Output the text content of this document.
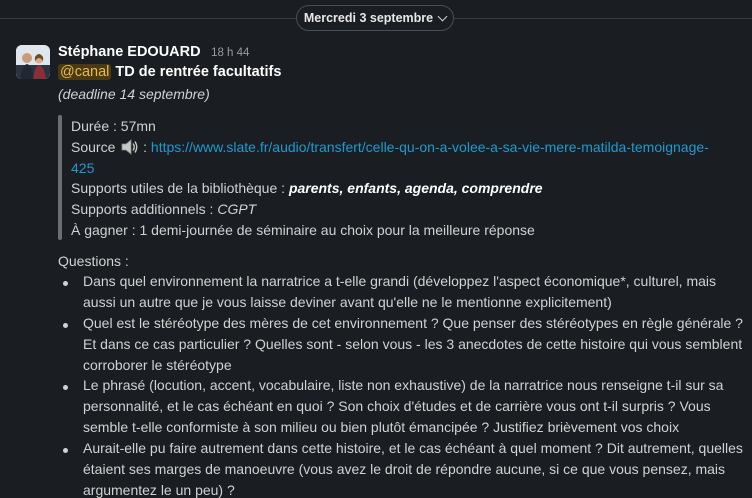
Mercredi 3 septembre
Stéphane EDOUARD 18 h 44
@canal TD de rentrée facultatifs
(deadline 14 septembre)
Durée : 57mn
Source  : https://www.slate.fr/audio/transfert/celle-qu-on-a-volee-a-sa-vie-mere-matilda-temoignage-
425
Supports utiles de la bibliothèque : parents, enfants, agenda, comprendre
Supports additionnels : CGPT
À gagner : 1 demi-journée de séminaire au choix pour la meilleure réponse
Questions :
Dans quel environnement la narratrice a t-elle grandi (développez l'aspect économique*, culturel, mais
aussi un autre que je vous laisse deviner avant qu'elle ne le mentionne explicitement)
Quel est le stéréotype des mères de cet environnement ? Que penser des stéréotypes en règle générale ?
Et dans ce cas particulier ? Quelles sont - selon vous - les 3 anecdotes de cette histoire qui vous semblent
corroborer le stéréotype
Le phrasé (locution, accent, vocabulaire, liste non exhaustive) de la narratrice nous renseigne t-il sur sa
personnalité, et le cas échéant en quoi ? Son choix d'études et de carrière vous ont t-il surpris ? Vous
semble t-elle conformiste à son milieu ou bien plutôt émancipée ? Justifiez brièvement vos choix
Aurait-elle pu faire autrement dans cette histoire, et le cas échéant à quel moment ? Dit autrement, quelles
étaient ses marges de manoeuvre (vous avez le droit de répondre aucune, si ce que vous pensez, mais
argumentez le un peu) ?
